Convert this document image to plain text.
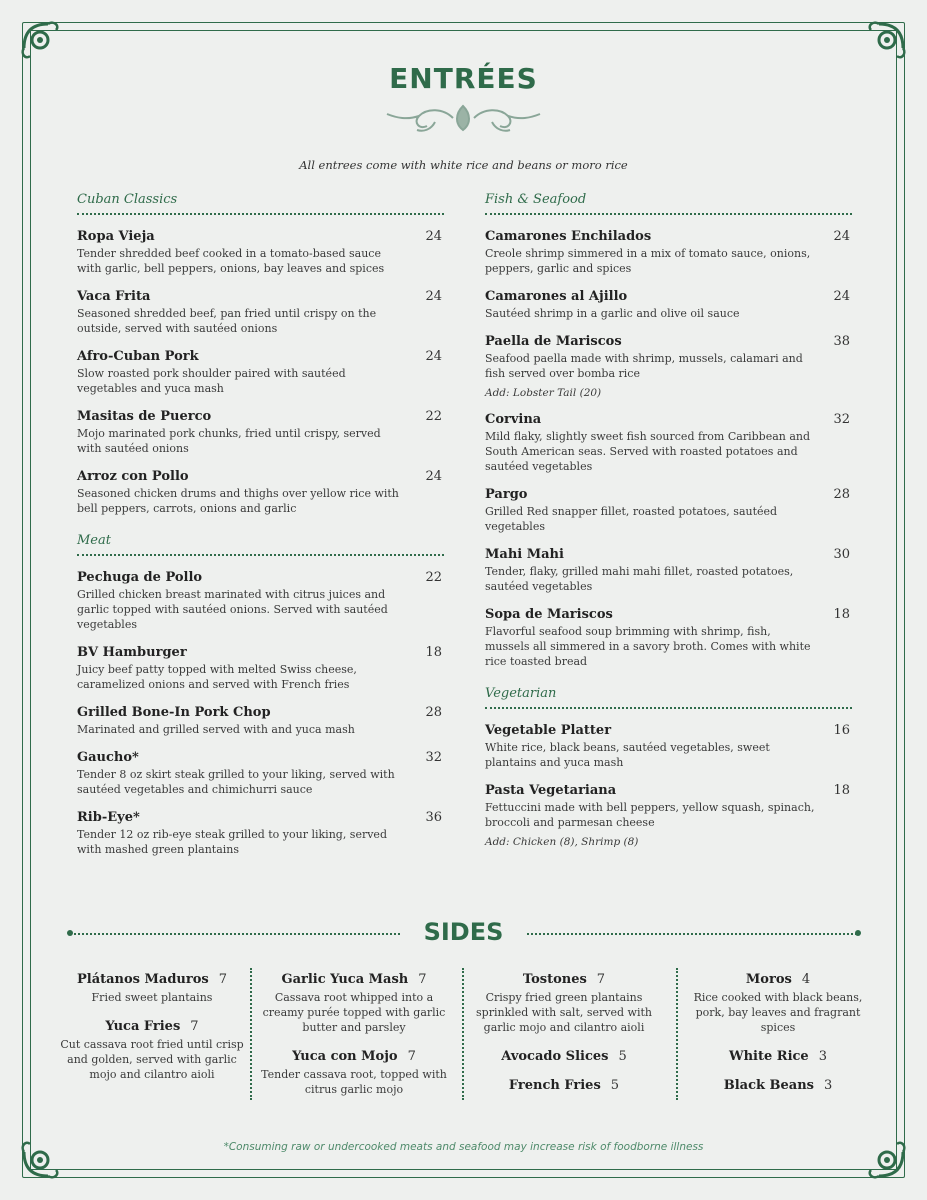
ENTRÉES
All entrees come with white rice and beans or moro rice
Cuban Classics
Ropa Vieja	24
Tender shredded beef cooked in a tomato-based sauce with garlic, bell peppers, onions, bay leaves and spices
Vaca Frita	24
Seasoned shredded beef, pan fried until crispy on the outside, served with sautéed onions
Afro-Cuban Pork	24
Slow roasted pork shoulder paired with sautéed vegetables and yuca mash
Masitas de Puerco	22
Mojo marinated pork chunks, fried until crispy, served with sautéed onions
Arroz con Pollo	24
Seasoned chicken drums and thighs over yellow rice with bell peppers, carrots, onions and garlic
Meat
Pechuga de Pollo	22
Grilled chicken breast marinated with citrus juices and garlic topped with sautéed onions. Served with sautéed vegetables
BV Hamburger	18
Juicy beef patty topped with melted Swiss cheese, caramelized onions and served with French fries
Grilled Bone-In Pork Chop	28
Marinated and grilled served with and yuca mash
Gaucho*	32
Tender 8 oz skirt steak grilled to your liking, served with sautéed vegetables and chimichurri sauce
Rib-Eye*	36
Tender 12 oz rib-eye steak grilled to your liking, served with mashed green plantains
Fish & Seafood
Camarones Enchilados	24
Creole shrimp simmered in a mix of tomato sauce, onions, peppers, garlic and spices
Camarones al Ajillo	24
Sautéed shrimp in a garlic and olive oil sauce
Paella de Mariscos	38
Seafood paella made with shrimp, mussels, calamari and fish served over bomba rice
Add: Lobster Tail (20)
Corvina	32
Mild flaky, slightly sweet fish sourced from Caribbean and South American seas. Served with roasted potatoes and sautéed vegetables
Pargo	28
Grilled Red snapper fillet, roasted potatoes, sautéed vegetables
Mahi Mahi	30
Tender, flaky, grilled mahi mahi fillet, roasted potatoes, sautéed vegetables
Sopa de Mariscos	18
Flavorful seafood soup brimming with shrimp, fish, mussels all simmered in a savory broth. Comes with white rice toasted bread
Vegetarian
Vegetable Platter	16
White rice, black beans, sautéed vegetables, sweet plantains and yuca mash
Pasta Vegetariana	18
Fettuccini made with bell peppers, yellow squash, spinach, broccoli and parmesan cheese
Add: Chicken (8), Shrimp (8)
SIDES
Plátanos Maduros 7
Fried sweet plantains
Yuca Fries 7
Cut cassava root fried until crisp and golden, served with garlic mojo and cilantro aioli
Garlic Yuca Mash 7
Cassava root whipped into a creamy purée topped with garlic butter and parsley
Yuca con Mojo 7
Tender cassava root, topped with citrus garlic mojo
Tostones 7
Crispy fried green plantains sprinkled with salt, served with garlic mojo and cilantro aioli
Avocado Slices 5
French Fries 5
Moros 4
Rice cooked with black beans, pork, bay leaves and fragrant spices
White Rice 3
Black Beans 3
*Consuming raw or undercooked meats and seafood may increase risk of foodborne illness
